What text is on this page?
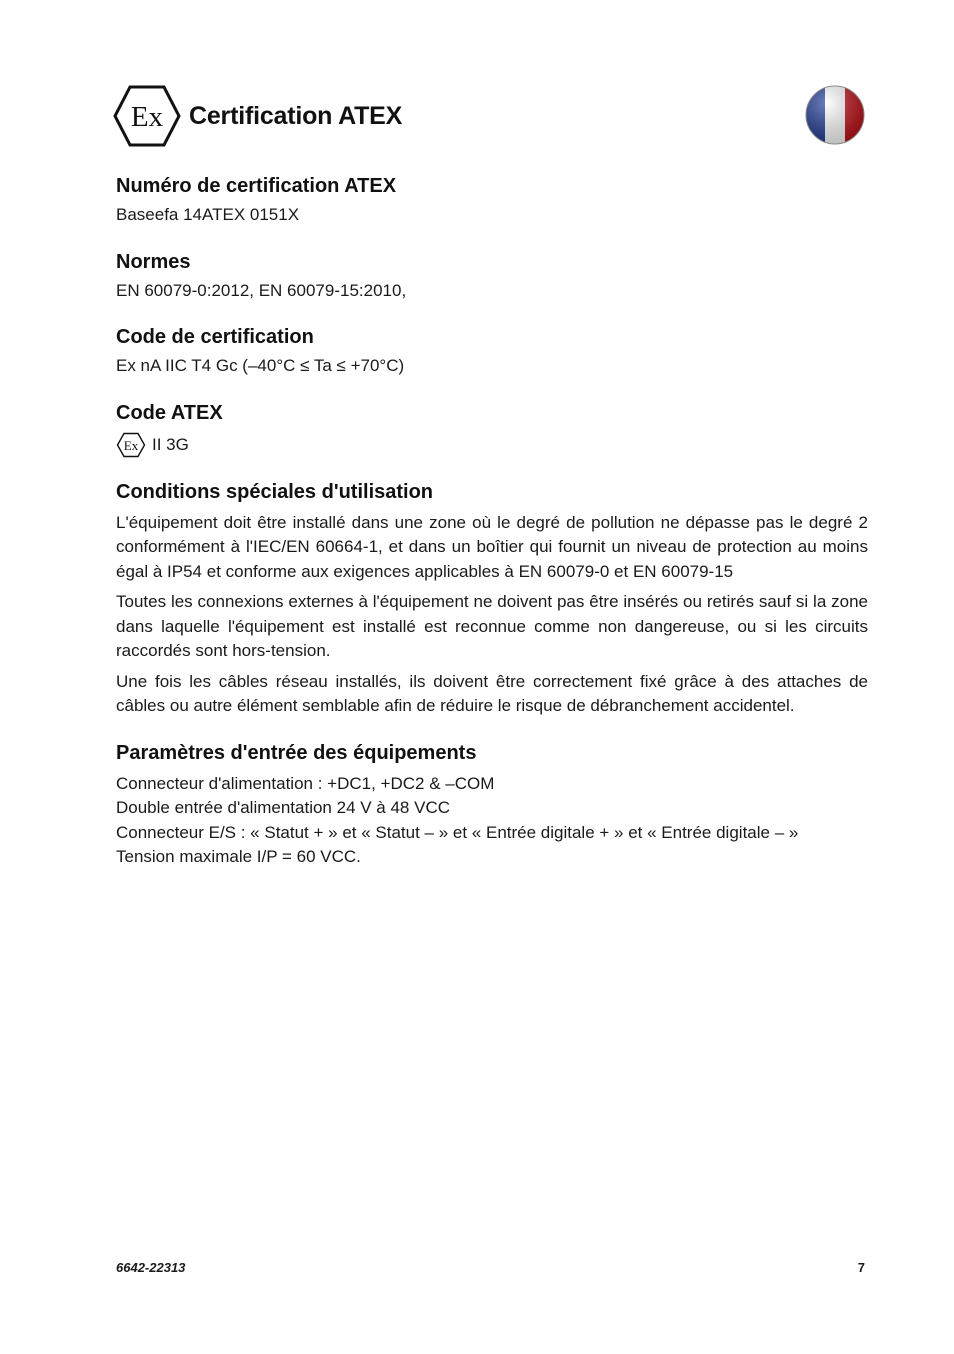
Ex Certification ATEX
Numéro de certification ATEX

Baseefa 14ATEX 0151X

Normes

EN 60079-0:2012, EN 60079-15:2010,

Code de certification

Ex nA IIC T4 Gc (–40°C ≤ Ta ≤ +70°C)

Code ATEX
Ex II 3G
Conditions spéciales d'utilisation

L'équipement doit être installé dans une zone où le degré de pollution ne dépasse pas le degré 2 conformément à l'IEC/EN 60664-1, et dans un boîtier qui fournit un niveau de protection au moins égal à IP54 et conforme aux exigences applicables à EN 60079-0 et EN 60079-15

Toutes les connexions externes à l'équipement ne doivent pas être insérés ou retirés sauf si la zone dans laquelle l'équipement est installé est reconnue comme non dangereuse, ou si les circuits raccordés sont hors-tension.

Une fois les câbles réseau installés, ils doivent être correctement fixé grâce à des attaches de câbles ou autre élément semblable afin de réduire le risque de débranchement accidentel.

Paramètres d'entrée des équipements
Connecteur d'alimentation : +DC1, +DC2 & –COM
Double entrée d'alimentation 24 V à 48 VCC
Connecteur E/S : « Statut + » et « Statut – » et « Entrée digitale + » et « Entrée digitale – »
Tension maximale I/P = 60 VCC.
6642-22313	7
